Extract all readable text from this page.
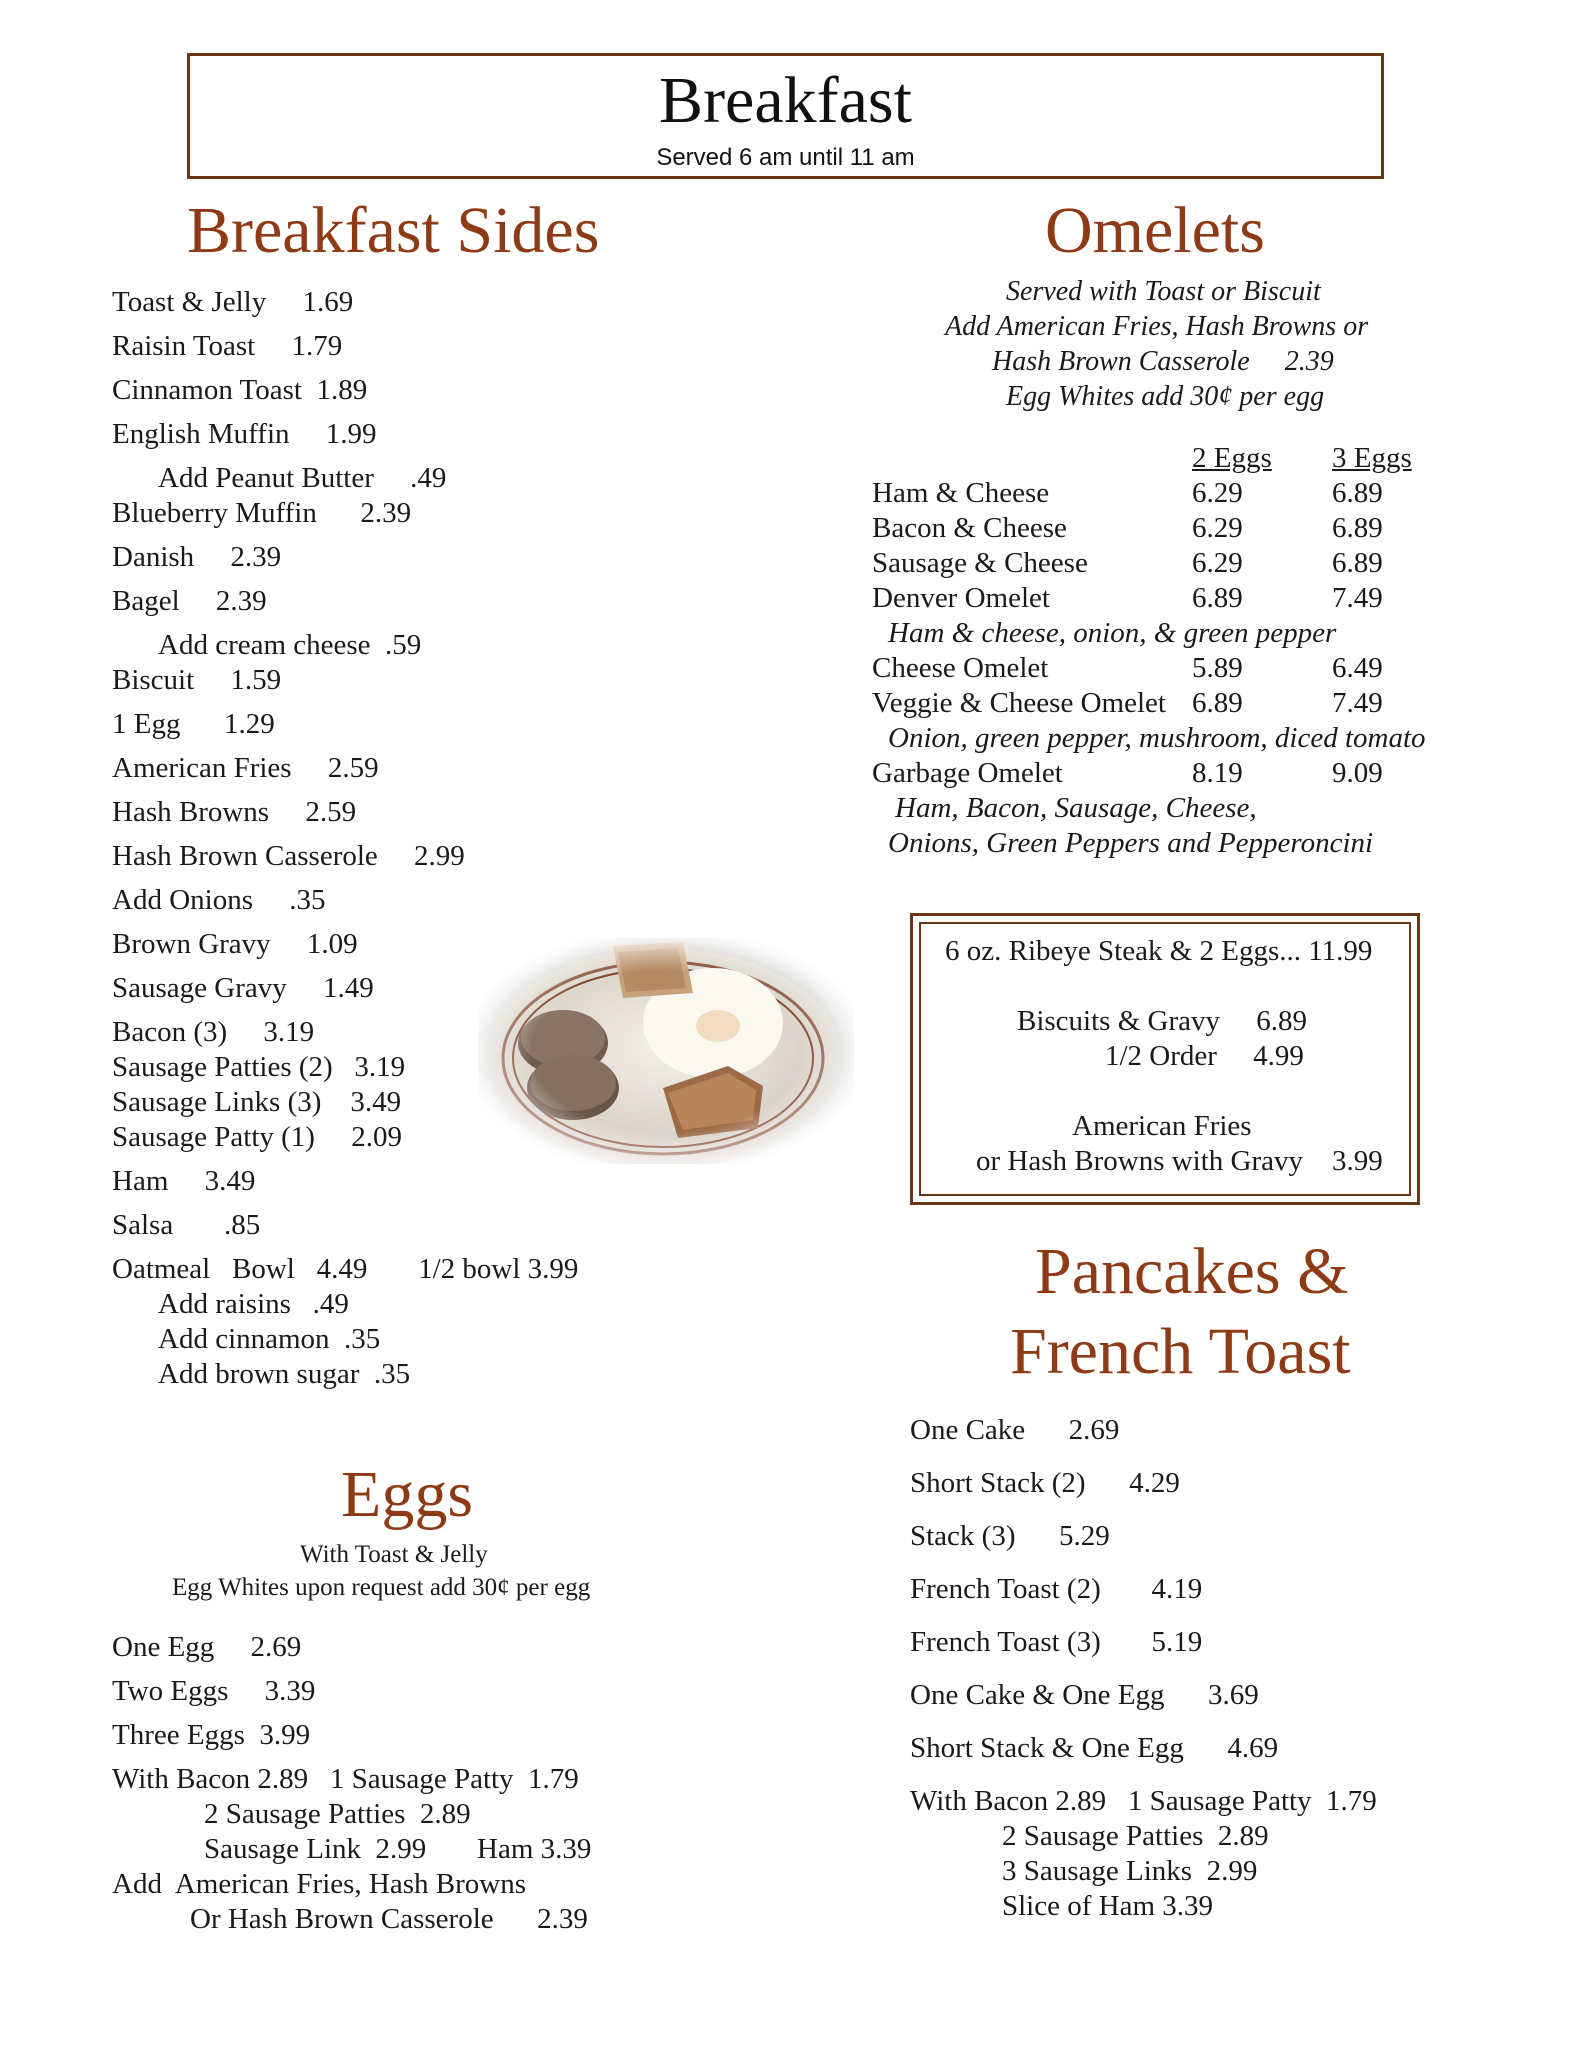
Breakfast
Served 6 am until 11 am
Breakfast Sides
Toast & Jelly     1.69
Raisin Toast     1.79
Cinnamon Toast  1.89
English Muffin     1.99
Add Peanut Butter     .49
Blueberry Muffin      2.39
Danish     2.39
Bagel     2.39
Add cream cheese  .59
Biscuit     1.59
1 Egg      1.29
American Fries     2.59
Hash Browns     2.59
Hash Brown Casserole     2.99
Add Onions     .35
Brown Gravy     1.09
Sausage Gravy     1.49
Bacon (3)     3.19
Sausage Patties (2)   3.19
Sausage Links (3)    3.49
Sausage Patty (1)     2.09
Ham     3.49
Salsa       .85
Oatmeal   Bowl   4.49       1/2 bowl 3.99
Add raisins   .49
Add cinnamon  .35
Add brown sugar  .35
Eggs
With Toast & Jelly
Egg Whites upon request add 30¢ per egg
One Egg     2.69
Two Eggs     3.39
Three Eggs  3.99
With Bacon 2.89   1 Sausage Patty  1.79
2 Sausage Patties  2.89
Sausage Link  2.99       Ham 3.39
Add  American Fries, Hash Browns
Or Hash Brown Casserole      2.39
Omelets
Served with Toast or Biscuit
Add American Fries, Hash Browns or
Hash Brown Casserole     2.39
Egg Whites add 30¢ per egg
2 Eggs 3 Eggs
Ham & Cheese	6.29	6.89
Bacon & Cheese	6.29	6.89
Sausage & Cheese	6.29	6.89
Denver Omelet	6.89	7.49
Ham & cheese, onion, & green pepper
Cheese Omelet	5.89	6.49
Veggie & Cheese Omelet 6.89	7.49
Onion, green pepper, mushroom, diced tomato
Garbage Omelet	8.19	9.09
Ham, Bacon, Sausage, Cheese,
Onions, Green Peppers and Pepperoncini
6 oz. Ribeye Steak & 2 Eggs... 11.99
Biscuits & Gravy     6.89
1/2 Order     4.99
American Fries
or Hash Browns with Gravy    3.99
Pancakes &
French Toast
One Cake      2.69
Short Stack (2)      4.29
Stack (3)      5.29
French Toast (2)       4.19
French Toast (3)       5.19
One Cake & One Egg      3.69
Short Stack & One Egg      4.69
With Bacon 2.89   1 Sausage Patty  1.79
2 Sausage Patties  2.89
3 Sausage Links  2.99
Slice of Ham 3.39
